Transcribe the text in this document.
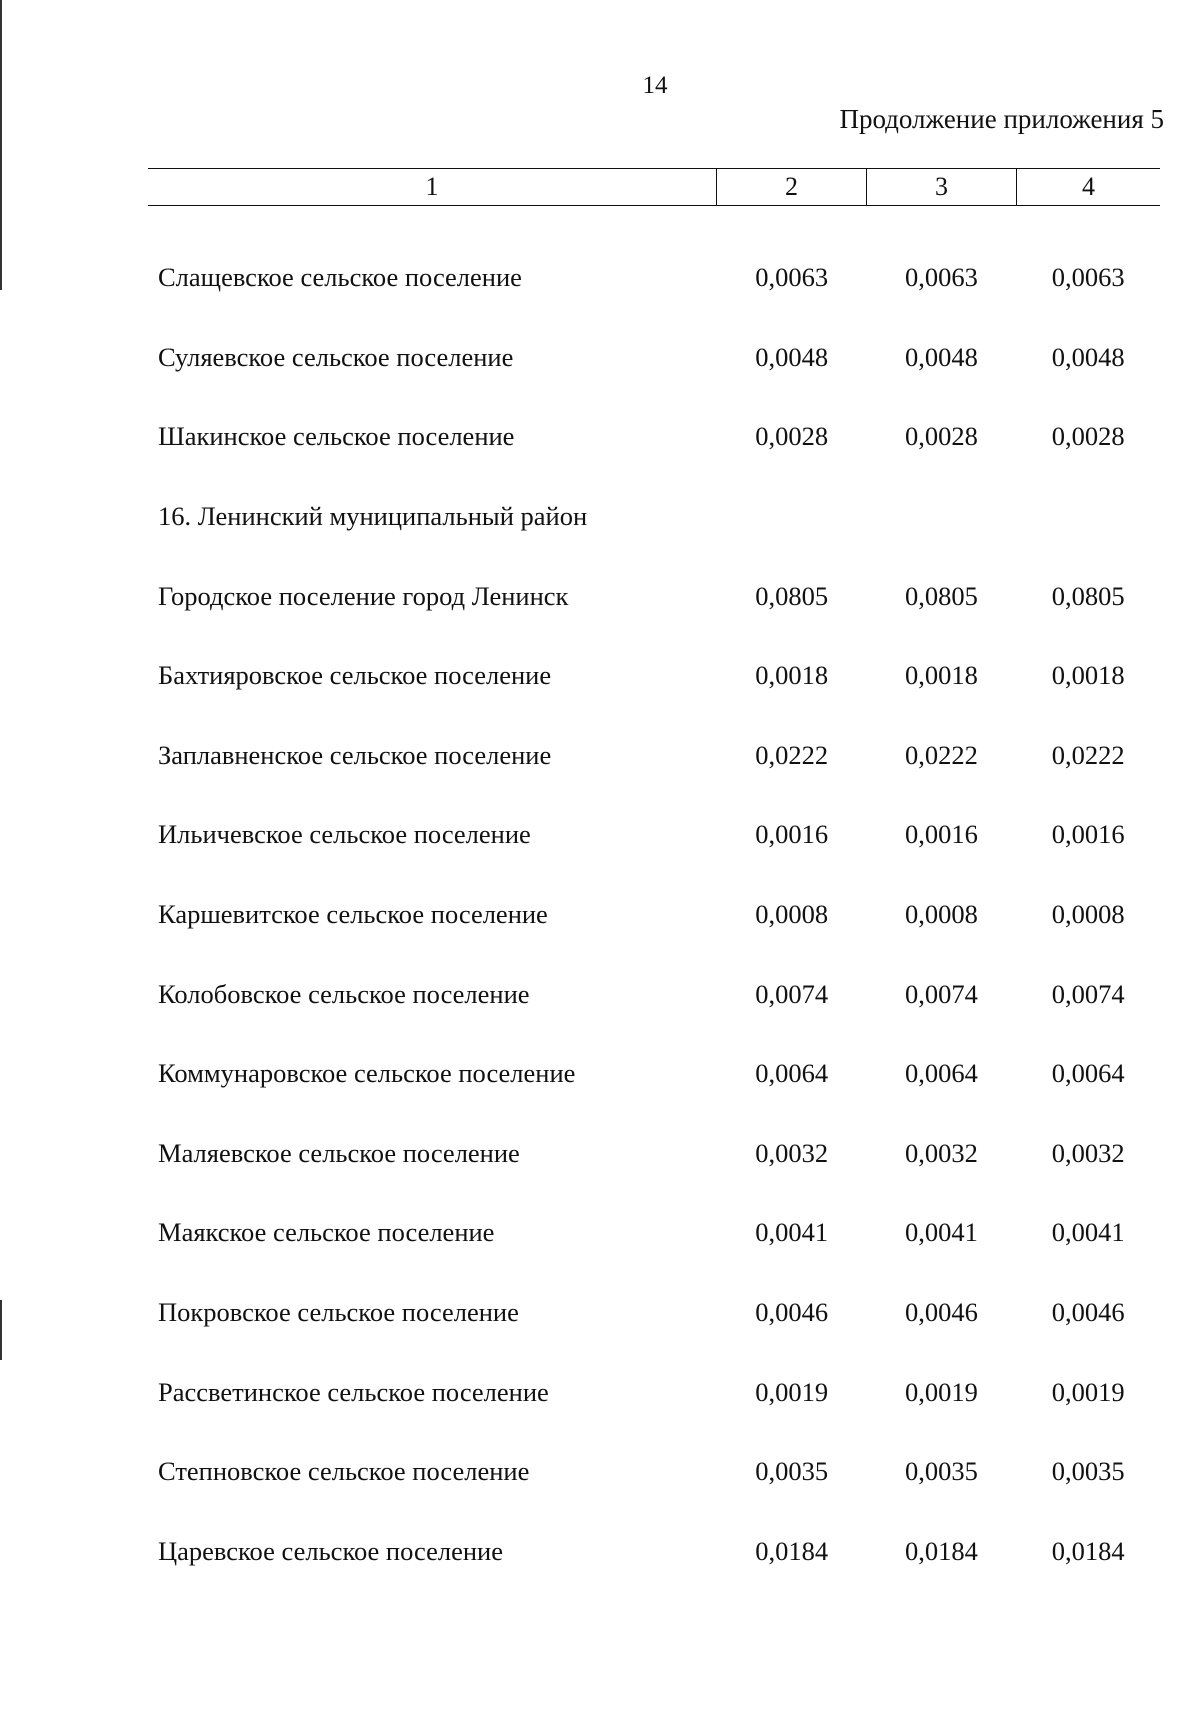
14
Продолжение приложения 5
1	2	3	4
Слащевское сельское поселение	0,0063	0,0063	0,0063
Суляевское сельское поселение	0,0048	0,0048	0,0048
Шакинское сельское поселение	0,0028	0,0028	0,0028
16. Ленинский муниципальный район
Городское поселение город Ленинск	0,0805	0,0805	0,0805
Бахтияровское сельское поселение	0,0018	0,0018	0,0018
Заплавненское сельское поселение	0,0222	0,0222	0,0222
Ильичевское сельское поселение	0,0016	0,0016	0,0016
Каршевитское сельское поселение	0,0008	0,0008	0,0008
Колобовское сельское поселение	0,0074	0,0074	0,0074
Коммунаровское сельское поселение	0,0064	0,0064	0,0064
Маляевское сельское поселение	0,0032	0,0032	0,0032
Маякское сельское поселение	0,0041	0,0041	0,0041
Покровское сельское поселение	0,0046	0,0046	0,0046
Рассветинское сельское поселение	0,0019	0,0019	0,0019
Степновское сельское поселение	0,0035	0,0035	0,0035
Царевское сельское поселение	0,0184	0,0184	0,0184
